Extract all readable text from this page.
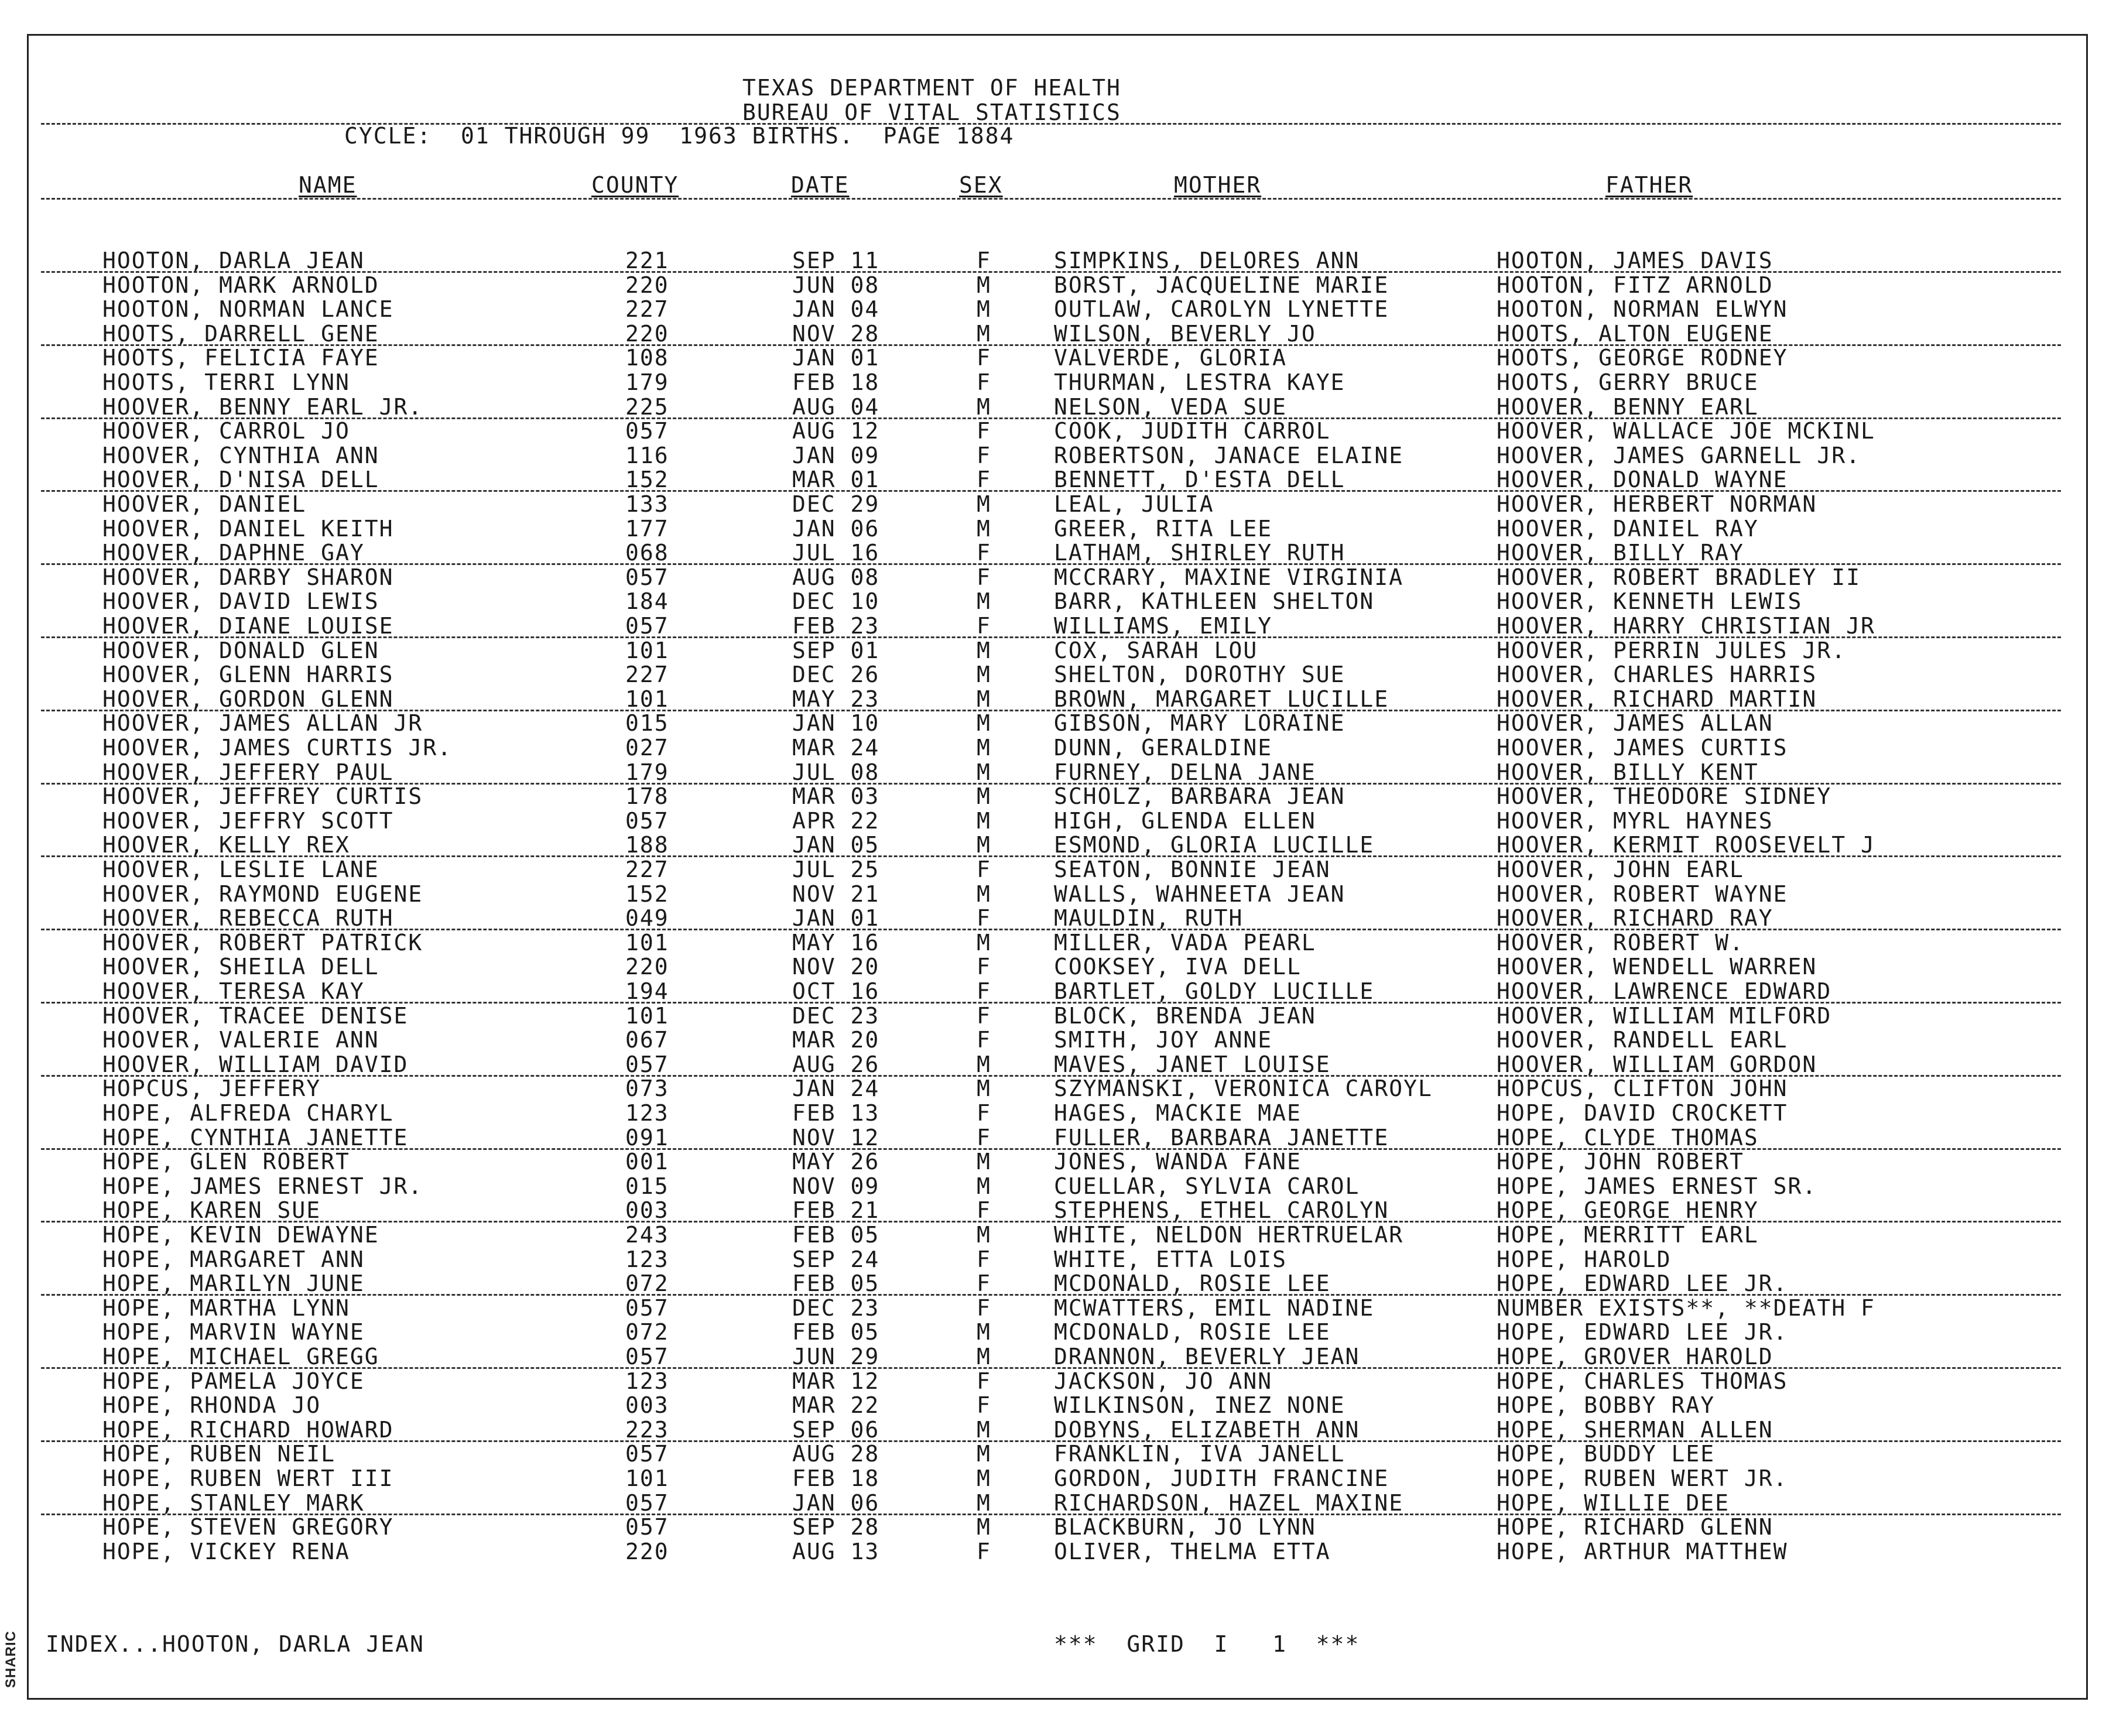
SHARIC
TEXAS DEPARTMENT OF HEALTH
BUREAU OF VITAL STATISTICS
CYCLE:  01 THROUGH 99  1963 BIRTHS.  PAGE 1884
NAME	COUNTY	DATE	SEX	MOTHER	FATHER
HOOTON, DARLA JEAN	221	SEP 11	F	SIMPKINS, DELORES ANN	HOOTON, JAMES DAVIS
HOOTON, MARK ARNOLD	220	JUN 08	M	BORST, JACQUELINE MARIE	HOOTON, FITZ ARNOLD
HOOTON, NORMAN LANCE	227	JAN 04	M	OUTLAW, CAROLYN LYNETTE	HOOTON, NORMAN ELWYN
HOOTS, DARRELL GENE	220	NOV 28	M	WILSON, BEVERLY JO	HOOTS, ALTON EUGENE
HOOTS, FELICIA FAYE	108	JAN 01	F	VALVERDE, GLORIA	HOOTS, GEORGE RODNEY
HOOTS, TERRI LYNN	179	FEB 18	F	THURMAN, LESTRA KAYE	HOOTS, GERRY BRUCE
HOOVER, BENNY EARL JR.	225	AUG 04	M	NELSON, VEDA SUE	HOOVER, BENNY EARL
HOOVER, CARROL JO	057	AUG 12	F	COOK, JUDITH CARROL	HOOVER, WALLACE JOE MCKINL
HOOVER, CYNTHIA ANN	116	JAN 09	F	ROBERTSON, JANACE ELAINE	HOOVER, JAMES GARNELL JR.
HOOVER, D'NISA DELL	152	MAR 01	F	BENNETT, D'ESTA DELL	HOOVER, DONALD WAYNE
HOOVER, DANIEL	133	DEC 29	M	LEAL, JULIA	HOOVER, HERBERT NORMAN
HOOVER, DANIEL KEITH	177	JAN 06	M	GREER, RITA LEE	HOOVER, DANIEL RAY
HOOVER, DAPHNE GAY	068	JUL 16	F	LATHAM, SHIRLEY RUTH	HOOVER, BILLY RAY
HOOVER, DARBY SHARON	057	AUG 08	F	MCCRARY, MAXINE VIRGINIA	HOOVER, ROBERT BRADLEY II
HOOVER, DAVID LEWIS	184	DEC 10	M	BARR, KATHLEEN SHELTON	HOOVER, KENNETH LEWIS
HOOVER, DIANE LOUISE	057	FEB 23	F	WILLIAMS, EMILY	HOOVER, HARRY CHRISTIAN JR
HOOVER, DONALD GLEN	101	SEP 01	M	COX, SARAH LOU	HOOVER, PERRIN JULES JR.
HOOVER, GLENN HARRIS	227	DEC 26	M	SHELTON, DOROTHY SUE	HOOVER, CHARLES HARRIS
HOOVER, GORDON GLENN	101	MAY 23	M	BROWN, MARGARET LUCILLE	HOOVER, RICHARD MARTIN
HOOVER, JAMES ALLAN JR	015	JAN 10	M	GIBSON, MARY LORAINE	HOOVER, JAMES ALLAN
HOOVER, JAMES CURTIS JR.	027	MAR 24	M	DUNN, GERALDINE	HOOVER, JAMES CURTIS
HOOVER, JEFFERY PAUL	179	JUL 08	M	FURNEY, DELNA JANE	HOOVER, BILLY KENT
HOOVER, JEFFREY CURTIS	178	MAR 03	M	SCHOLZ, BARBARA JEAN	HOOVER, THEODORE SIDNEY
HOOVER, JEFFRY SCOTT	057	APR 22	M	HIGH, GLENDA ELLEN	HOOVER, MYRL HAYNES
HOOVER, KELLY REX	188	JAN 05	M	ESMOND, GLORIA LUCILLE	HOOVER, KERMIT ROOSEVELT J
HOOVER, LESLIE LANE	227	JUL 25	F	SEATON, BONNIE JEAN	HOOVER, JOHN EARL
HOOVER, RAYMOND EUGENE	152	NOV 21	M	WALLS, WAHNEETA JEAN	HOOVER, ROBERT WAYNE
HOOVER, REBECCA RUTH	049	JAN 01	F	MAULDIN, RUTH	HOOVER, RICHARD RAY
HOOVER, ROBERT PATRICK	101	MAY 16	M	MILLER, VADA PEARL	HOOVER, ROBERT W.
HOOVER, SHEILA DELL	220	NOV 20	F	COOKSEY, IVA DELL	HOOVER, WENDELL WARREN
HOOVER, TERESA KAY	194	OCT 16	F	BARTLET, GOLDY LUCILLE	HOOVER, LAWRENCE EDWARD
HOOVER, TRACEE DENISE	101	DEC 23	F	BLOCK, BRENDA JEAN	HOOVER, WILLIAM MILFORD
HOOVER, VALERIE ANN	067	MAR 20	F	SMITH, JOY ANNE	HOOVER, RANDELL EARL
HOOVER, WILLIAM DAVID	057	AUG 26	M	MAVES, JANET LOUISE	HOOVER, WILLIAM GORDON
HOPCUS, JEFFERY	073	JAN 24	M	SZYMANSKI, VERONICA CAROYL	HOPCUS, CLIFTON JOHN
HOPE, ALFREDA CHARYL	123	FEB 13	F	HAGES, MACKIE MAE	HOPE, DAVID CROCKETT
HOPE, CYNTHIA JANETTE	091	NOV 12	F	FULLER, BARBARA JANETTE	HOPE, CLYDE THOMAS
HOPE, GLEN ROBERT	001	MAY 26	M	JONES, WANDA FANE	HOPE, JOHN ROBERT
HOPE, JAMES ERNEST JR.	015	NOV 09	M	CUELLAR, SYLVIA CAROL	HOPE, JAMES ERNEST SR.
HOPE, KAREN SUE	003	FEB 21	F	STEPHENS, ETHEL CAROLYN	HOPE, GEORGE HENRY
HOPE, KEVIN DEWAYNE	243	FEB 05	M	WHITE, NELDON HERTRUELAR	HOPE, MERRITT EARL
HOPE, MARGARET ANN	123	SEP 24	F	WHITE, ETTA LOIS	HOPE, HAROLD
HOPE, MARILYN JUNE	072	FEB 05	F	MCDONALD, ROSIE LEE	HOPE, EDWARD LEE JR.
HOPE, MARTHA LYNN	057	DEC 23	F	MCWATTERS, EMIL NADINE	NUMBER EXISTS**, **DEATH F
HOPE, MARVIN WAYNE	072	FEB 05	M	MCDONALD, ROSIE LEE	HOPE, EDWARD LEE JR.
HOPE, MICHAEL GREGG	057	JUN 29	M	DRANNON, BEVERLY JEAN	HOPE, GROVER HAROLD
HOPE, PAMELA JOYCE	123	MAR 12	F	JACKSON, JO ANN	HOPE, CHARLES THOMAS
HOPE, RHONDA JO	003	MAR 22	F	WILKINSON, INEZ NONE	HOPE, BOBBY RAY
HOPE, RICHARD HOWARD	223	SEP 06	M	DOBYNS, ELIZABETH ANN	HOPE, SHERMAN ALLEN
HOPE, RUBEN NEIL	057	AUG 28	M	FRANKLIN, IVA JANELL	HOPE, BUDDY LEE
HOPE, RUBEN WERT III	101	FEB 18	M	GORDON, JUDITH FRANCINE	HOPE, RUBEN WERT JR.
HOPE, STANLEY MARK	057	JAN 06	M	RICHARDSON, HAZEL MAXINE	HOPE, WILLIE DEE
HOPE, STEVEN GREGORY	057	SEP 28	M	BLACKBURN, JO LYNN	HOPE, RICHARD GLENN
HOPE, VICKEY RENA	220	AUG 13	F	OLIVER, THELMA ETTA	HOPE, ARTHUR MATTHEW
INDEX...HOOTON, DARLA JEAN	***  GRID  I   1  ***
